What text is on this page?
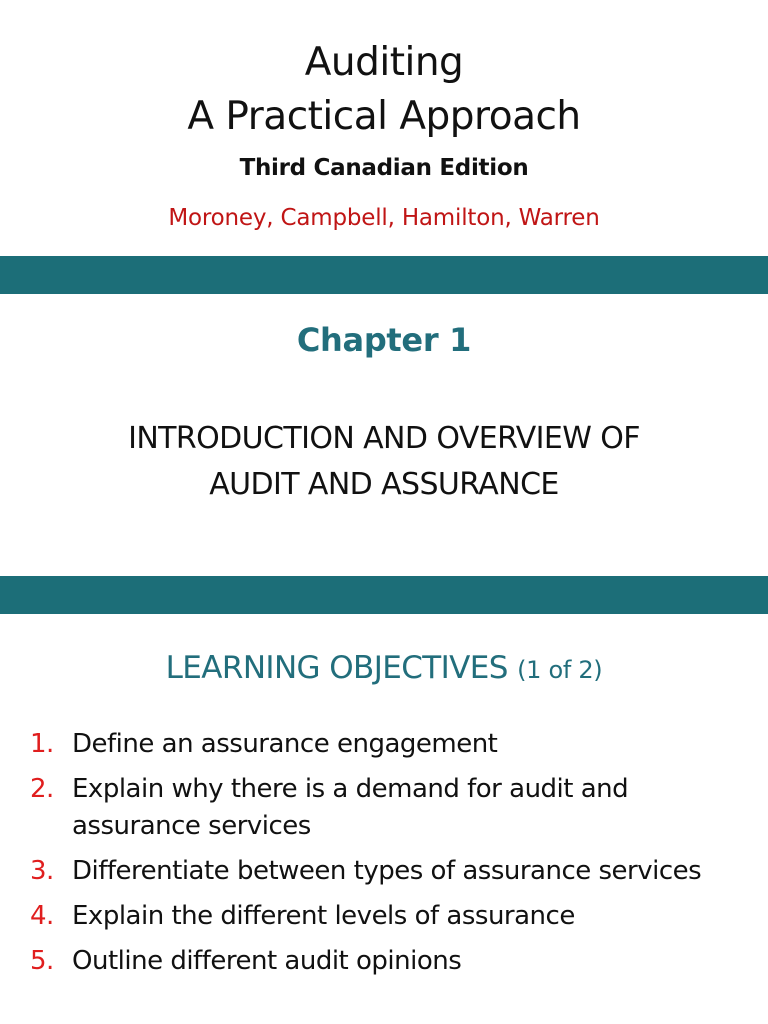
Auditing
A Practical Approach
Third Canadian Edition
Moroney, Campbell, Hamilton, Warren
Chapter 1
INTRODUCTION AND OVERVIEW OF
AUDIT AND ASSURANCE
LEARNING OBJECTIVES (1 of 2)
1. Define an assurance engagement
2. Explain why there is a demand for audit and assurance services
3. Differentiate between types of assurance services
4. Explain the different levels of assurance
5. Outline different audit opinions
